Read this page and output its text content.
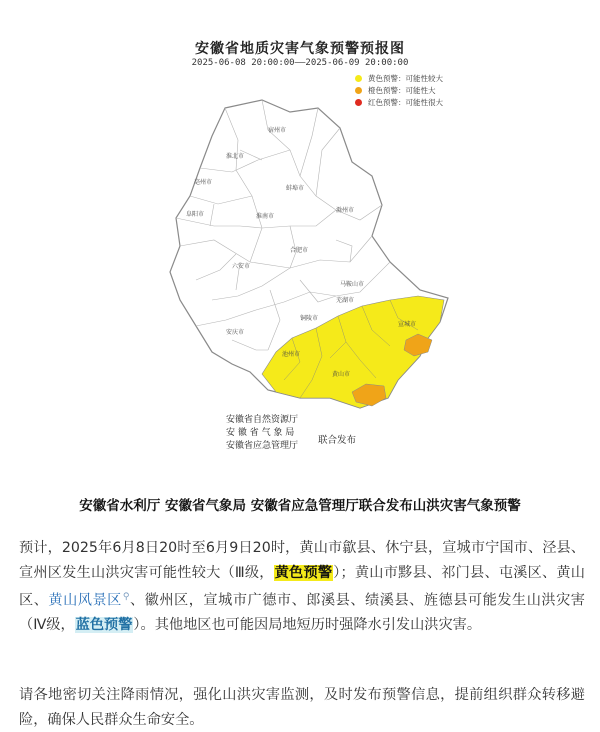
宿州市
淮北市
亳州市
蚌埠市
阜阳市	淮南市
滁州市
六安市
合肥市
马鞍山市
芜湖市
安庆市
铜陵市
宣城市
池州市
黄山市
安徽省地质灾害气象预警预报图
2025-06-08 20:00:00——2025-06-09 20:00:00
黄色预警：可能性较大
橙色预警：可能性大
红色预警：可能性很大
安徽省自然资源厅
安 徽 省 气 象 局
安徽省应急管理厅 联合发布
安徽省水利厅 安徽省气象局 安徽省应急管理厅联合发布山洪灾害气象预警
预计，2025年6月8日20时至6月9日20时，黄山市歙县、休宁县，宣城市宁国市、泾县、宣州区发生山洪灾害可能性较大（Ⅲ级，黄色预警）；黄山市黟县、祁门县、屯溪区、黄山区、黄山风景区⚲、徽州区，宣城市广德市、郎溪县、绩溪县、旌德县可能发生山洪灾害（Ⅳ级，蓝色预警）。其他地区也可能因局地短历时强降水引发山洪灾害。
请各地密切关注降雨情况，强化山洪灾害监测，及时发布预警信息，提前组织群众转移避险，确保人民群众生命安全。
